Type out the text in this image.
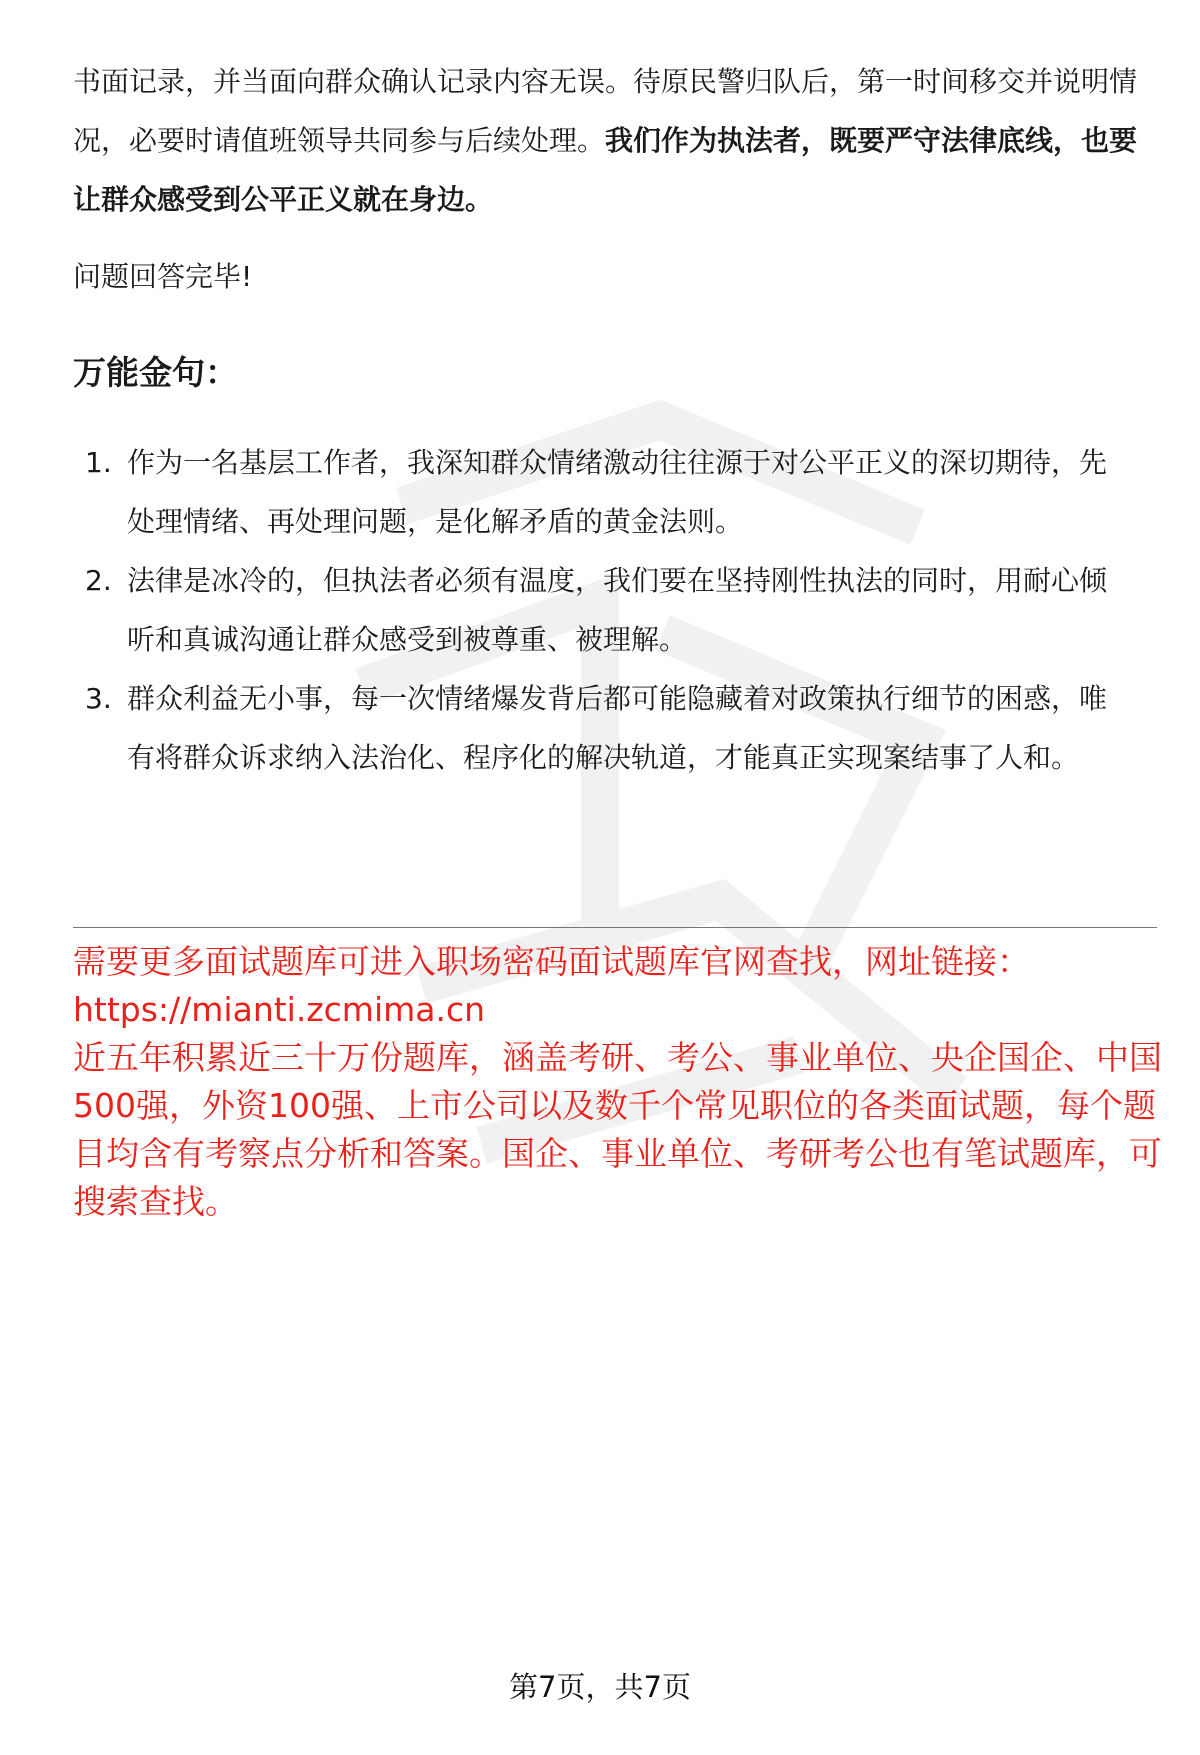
书面记录，并当面向群众确认记录内容无误。待原民警归队后，第一时间移交并说明情况，必要时请值班领导共同参与后续处理。我们作为执法者，既要严守法律底线，也要让群众感受到公平正义就在身边。

问题回答完毕!

万能金句：
1. 作为一名基层工作者，我深知群众情绪激动往往源于对公平正义的深切期待，先处理情绪、再处理问题，是化解矛盾的黄金法则。
2. 法律是冰冷的，但执法者必须有温度，我们要在坚持刚性执法的同时，用耐心倾听和真诚沟通让群众感受到被尊重、被理解。
3. 群众利益无小事，每一次情绪爆发背后都可能隐藏着对政策执行细节的困惑，唯有将群众诉求纳入法治化、程序化的解决轨道，才能真正实现案结事了人和。

需要更多面试题库可进入职场密码面试题库官网查找，网址链接：

https://mianti.zcmima.cn

近五年积累近三十万份题库，涵盖考研、考公、事业单位、央企国企、中国500强，外资100强、上市公司以及数千个常见职位的各类面试题，每个题目均含有考察点分析和答案。国企、事业单位、考研考公也有笔试题库，可搜索查找。

第7页，共7页
